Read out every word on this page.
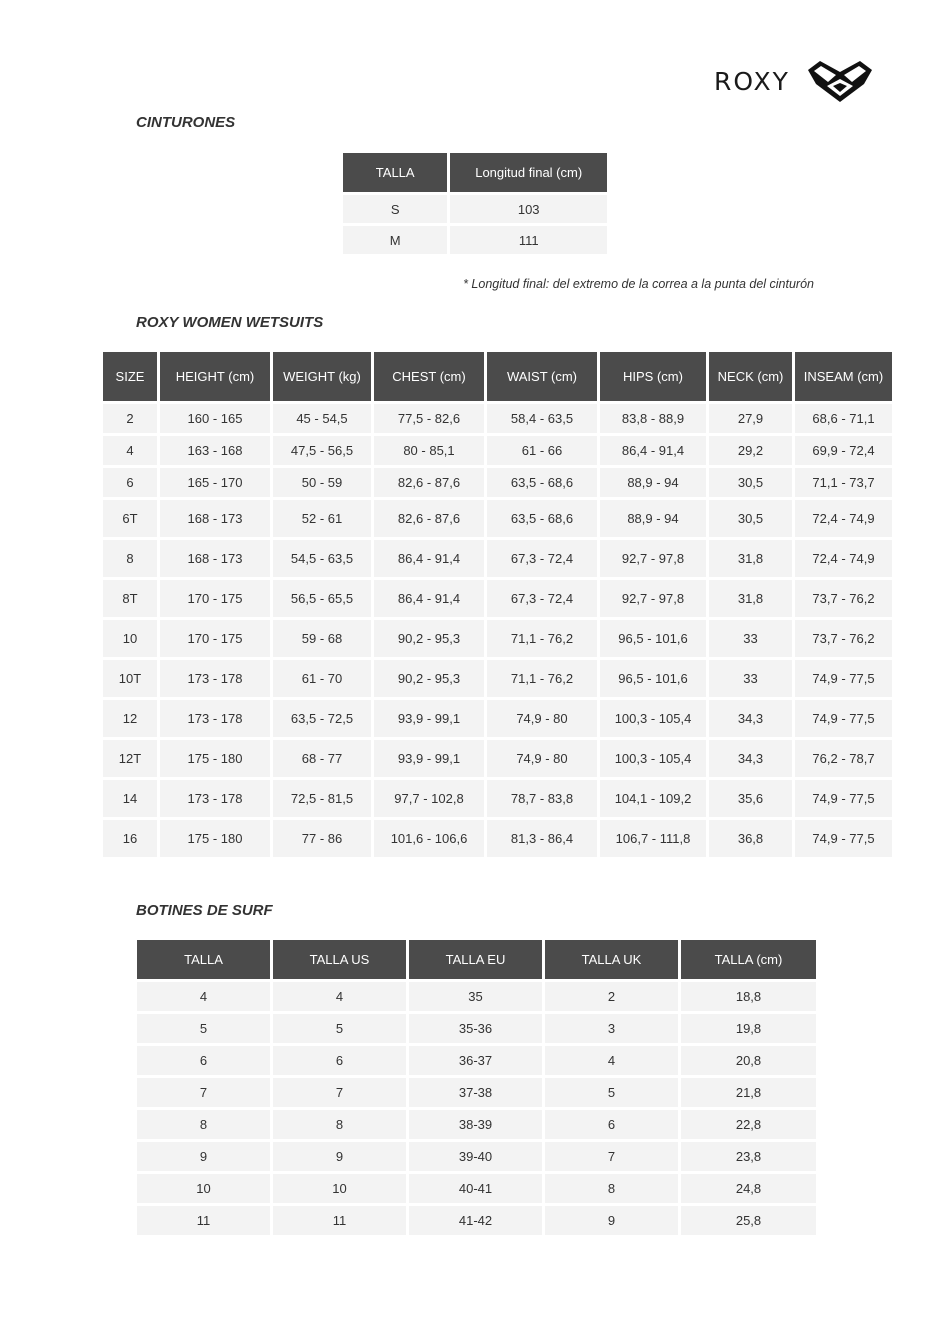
ROXY
CINTURONES
TALLA	Longitud final (cm)
S	103
M	111

* Longitud final: del extremo de la correa a la punta del cinturón

ROXY WOMEN WETSUITS
SIZE	HEIGHT (cm)	WEIGHT (kg)	CHEST (cm)	WAIST (cm)	HIPS (cm)	NECK (cm)	INSEAM (cm)
2	160 - 165	45 - 54,5	77,5 - 82,6	58,4 - 63,5	83,8 - 88,9	27,9	68,6 - 71,1
4	163 - 168	47,5 - 56,5	80 - 85,1	61 - 66	86,4 - 91,4	29,2	69,9 - 72,4
6	165 - 170	50 - 59	82,6 - 87,6	63,5 - 68,6	88,9 - 94	30,5	71,1 - 73,7
6T	168 - 173	52 - 61	82,6 - 87,6	63,5 - 68,6	88,9 - 94	30,5	72,4 - 74,9
8	168 - 173	54,5 - 63,5	86,4 - 91,4	67,3 - 72,4	92,7 - 97,8	31,8	72,4 - 74,9
8T	170 - 175	56,5 - 65,5	86,4 - 91,4	67,3 - 72,4	92,7 - 97,8	31,8	73,7 - 76,2
10	170 - 175	59 - 68	90,2 - 95,3	71,1 - 76,2	96,5 - 101,6	33	73,7 - 76,2
10T	173 - 178	61 - 70	90,2 - 95,3	71,1 - 76,2	96,5 - 101,6	33	74,9 - 77,5
12	173 - 178	63,5 - 72,5	93,9 - 99,1	74,9 - 80	100,3 - 105,4	34,3	74,9 - 77,5
12T	175 - 180	68 - 77	93,9 - 99,1	74,9 - 80	100,3 - 105,4	34,3	76,2 - 78,7
14	173 - 178	72,5 - 81,5	97,7 - 102,8	78,7 - 83,8	104,1 - 109,2	35,6	74,9 - 77,5
16	175 - 180	77 - 86	101,6 - 106,6	81,3 - 86,4	106,7 - 111,8	36,8	74,9 - 77,5
BOTINES DE SURF
TALLA	TALLA US	TALLA EU	TALLA UK	TALLA (cm)
4	4	35	2	18,8
5	5	35-36	3	19,8
6	6	36-37	4	20,8
7	7	37-38	5	21,8
8	8	38-39	6	22,8
9	9	39-40	7	23,8
10	10	40-41	8	24,8
11	11	41-42	9	25,8
